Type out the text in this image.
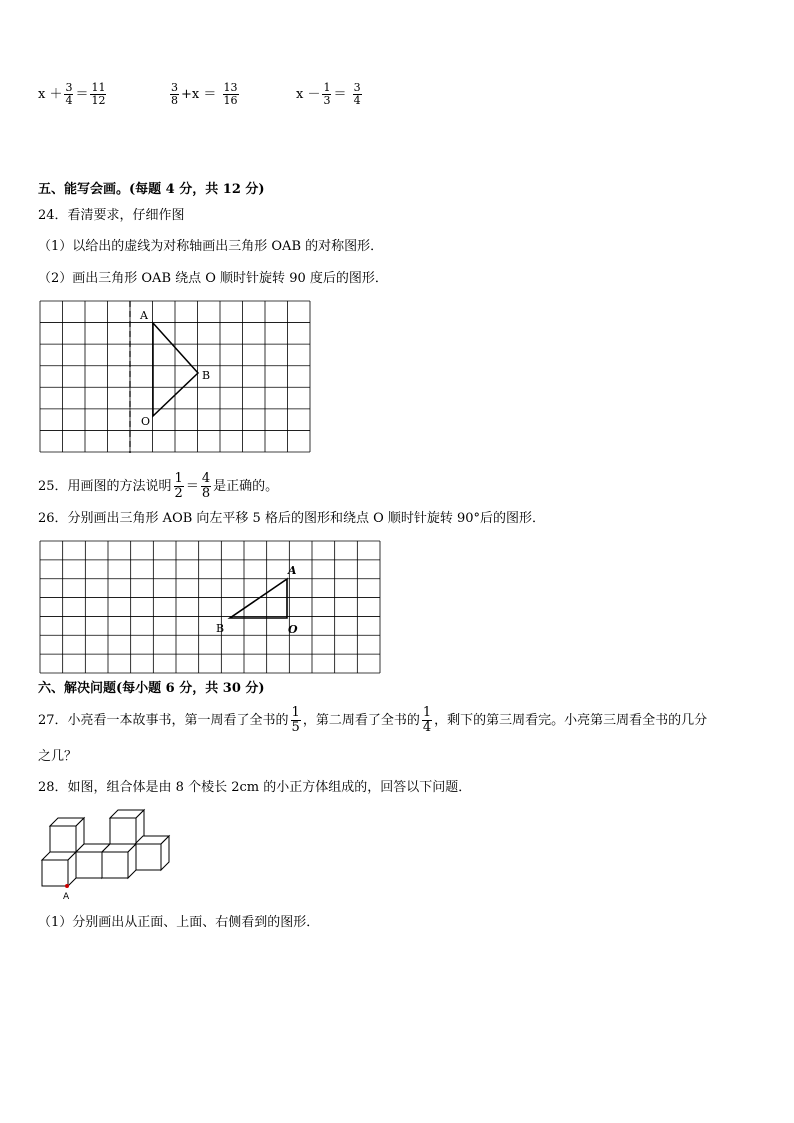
$x + \frac{3}{4} = \frac{11}{12}$	$\frac{3}{8} +x = \frac{13}{16}$	$x - \frac{1}{3} = \frac{3}{4}$
五、能写会画。(每题 4 分，共 12 分)
24．看清要求，仔细作图
（1）以给出的虚线为对称轴画出三角形 OAB 的对称图形．
（2）画出三角形 OAB 绕点 O 顺时针旋转 90 度后的图形．
A
B
O
25．用画图的方法说明 $\frac{1}{2} = \frac{4}{8}$ 是正确的。
26．分别画出三角形 AOB 向左平移 5 格后的图形和绕点 O 顺时针旋转 90°后的图形．
A
B	O
六、解决问题(每小题 6 分，共 30 分)
27．小亮看一本故事书，第一周看了全书的 $\frac{1}{5}$ ，第二周看了全书的 $\frac{1}{4}$ ，剩下的第三周看完。小亮第三周看全书的几分
之几？
28．如图，组合体是由 8 个棱长 2cm 的小正方体组成的，回答以下问题．
A
（1）分别画出从正面、上面、右侧看到的图形．
